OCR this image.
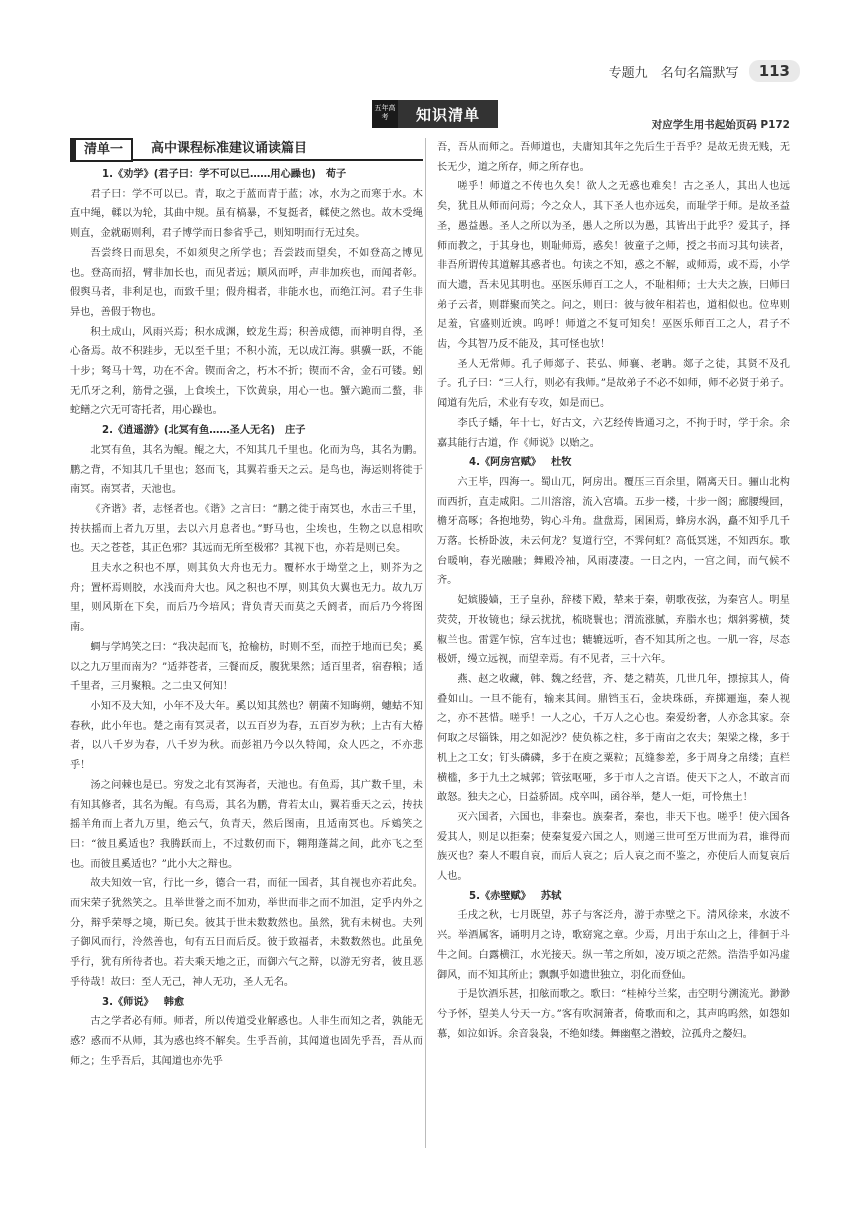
专题九　名句名篇默写	113
五年高考	知识清单
对应学生用书起始页码 P172
清单一	高中课程标准建议诵读篇目
1.《劝学》(君子曰：学不可以已……用心躁也) 荀子

君子曰：学不可以已。青，取之于蓝而青于蓝；冰，水为之而寒于水。木直中绳，輮以为轮，其曲中规。虽有槁暴，不复挺者，輮使之然也。故木受绳则直，金就砺则利，君子博学而日参省乎己，则知明而行无过矣。

吾尝终日而思矣，不如须臾之所学也；吾尝跂而望矣，不如登高之博见也。登高而招，臂非加长也，而见者远；顺风而呼，声非加疾也，而闻者彰。假舆马者，非利足也，而致千里；假舟楫者，非能水也，而绝江河。君子生非异也，善假于物也。

积土成山，风雨兴焉；积水成渊，蛟龙生焉；积善成德，而神明自得，圣心备焉。故不积跬步，无以至千里；不积小流，无以成江海。骐骥一跃，不能十步；驽马十驾，功在不舍。锲而舍之，朽木不折；锲而不舍，金石可镂。蚓无爪牙之利，筋骨之强，上食埃土，下饮黄泉，用心一也。蟹六跪而二螯，非蛇鳝之穴无可寄托者，用心躁也。

2.《逍遥游》(北冥有鱼……圣人无名) 庄子

北冥有鱼，其名为鲲。鲲之大，不知其几千里也。化而为鸟，其名为鹏。鹏之背，不知其几千里也；怒而飞，其翼若垂天之云。是鸟也，海运则将徙于南冥。南冥者，天池也。

《齐谐》者，志怪者也。《谐》之言曰：“鹏之徙于南冥也，水击三千里，抟扶摇而上者九万里，去以六月息者也。”野马也，尘埃也，生物之以息相吹也。天之苍苍，其正色邪？其远而无所至极邪？其视下也，亦若是则已矣。

且夫水之积也不厚，则其负大舟也无力。覆杯水于坳堂之上，则芥为之舟；置杯焉则胶，水浅而舟大也。风之积也不厚，则其负大翼也无力。故九万里，则风斯在下矣，而后乃今培风；背负青天而莫之夭阏者，而后乃今将图南。

蜩与学鸠笑之曰：“我决起而飞，抢榆枋，时则不至，而控于地而已矣；奚以之九万里而南为？”适莽苍者，三餐而反，腹犹果然；适百里者，宿舂粮；适千里者，三月聚粮。之二虫又何知！

小知不及大知，小年不及大年。奚以知其然也？朝菌不知晦朔，蟪蛄不知春秋，此小年也。楚之南有冥灵者，以五百岁为春，五百岁为秋；上古有大椿者，以八千岁为春，八千岁为秋。而彭祖乃今以久特闻，众人匹之，不亦悲乎！

汤之问棘也是已。穷发之北有冥海者，天池也。有鱼焉，其广数千里，未有知其修者，其名为鲲。有鸟焉，其名为鹏，背若太山，翼若垂天之云，抟扶摇羊角而上者九万里，绝云气，负青天，然后图南，且适南冥也。斥鴳笑之曰：“彼且奚适也？我腾跃而上，不过数仞而下，翱翔蓬蒿之间，此亦飞之至也。而彼且奚适也？”此小大之辩也。

故夫知效一官，行比一乡，德合一君，而征一国者，其自视也亦若此矣。而宋荣子犹然笑之。且举世誉之而不加劝，举世而非之而不加沮，定乎内外之分，辩乎荣辱之境，斯已矣。彼其于世未数数然也。虽然，犹有未树也。夫列子御风而行，泠然善也，旬有五日而后反。彼于致福者，未数数然也。此虽免乎行，犹有所待者也。若夫乘天地之正，而御六气之辩，以游无穷者，彼且恶乎待哉！故曰：至人无己，神人无功，圣人无名。

3.《师说》 韩愈

古之学者必有师。师者，所以传道受业解惑也。人非生而知之者，孰能无惑？惑而不从师，其为惑也终不解矣。生乎吾前，其闻道也固先乎吾，吾从而师之；生乎吾后，其闻道也亦先乎

吾，吾从而师之。吾师道也，夫庸知其年之先后生于吾乎？是故无贵无贱，无长无少，道之所存，师之所存也。

嗟乎！师道之不传也久矣！欲人之无惑也难矣！古之圣人，其出人也远矣，犹且从师而问焉；今之众人，其下圣人也亦远矣，而耻学于师。是故圣益圣，愚益愚。圣人之所以为圣，愚人之所以为愚，其皆出于此乎？爱其子，择师而教之，于其身也，则耻师焉，惑矣！彼童子之师，授之书而习其句读者，非吾所谓传其道解其惑者也。句读之不知，惑之不解，或师焉，或不焉，小学而大遗，吾未见其明也。巫医乐师百工之人，不耻相师；士大夫之族，曰师曰弟子云者，则群聚而笑之。问之，则曰：彼与彼年相若也，道相似也。位卑则足羞，官盛则近谀。呜呼！师道之不复可知矣！巫医乐师百工之人，君子不齿，今其智乃反不能及，其可怪也欤！

圣人无常师。孔子师郯子、苌弘、师襄、老聃。郯子之徒，其贤不及孔子。孔子曰：“三人行，则必有我师。”是故弟子不必不如师，师不必贤于弟子。闻道有先后，术业有专攻，如是而已。

李氏子蟠，年十七，好古文，六艺经传皆通习之，不拘于时，学于余。余嘉其能行古道，作《师说》以贻之。

4.《阿房宫赋》 杜牧

六王毕，四海一。蜀山兀，阿房出。覆压三百余里，隔离天日。骊山北构而西折，直走咸阳。二川溶溶，流入宫墙。五步一楼，十步一阁；廊腰缦回，檐牙高啄；各抱地势，钩心斗角。盘盘焉，囷囷焉，蜂房水涡，矗不知乎几千万落。长桥卧波，未云何龙？复道行空，不霁何虹？高低冥迷，不知西东。歌台暖响，春光融融；舞殿冷袖，风雨凄凄。一日之内，一宫之间，而气候不齐。

妃嫔媵嫱，王子皇孙，辞楼下殿，辇来于秦，朝歌夜弦，为秦宫人。明星荧荧，开妆镜也；绿云扰扰，梳晓鬟也；渭流涨腻，弃脂水也；烟斜雾横，焚椒兰也。雷霆乍惊，宫车过也；辘辘远听，杳不知其所之也。一肌一容，尽态极妍，缦立远视，而望幸焉。有不见者，三十六年。

燕、赵之收藏，韩、魏之经营，齐、楚之精英，几世几年，摽掠其人，倚叠如山。一旦不能有，输来其间。鼎铛玉石，金块珠砾，弃掷逦迤，秦人视之，亦不甚惜。嗟乎！一人之心，千万人之心也。秦爱纷奢，人亦念其家。奈何取之尽锱铢，用之如泥沙？使负栋之柱，多于南亩之农夫；架梁之椽，多于机上之工女；钉头磷磷，多于在庾之粟粒；瓦缝参差，多于周身之帛缕；直栏横槛，多于九土之城郭；管弦呕哑，多于市人之言语。使天下之人，不敢言而敢怒。独夫之心，日益骄固。戍卒叫，函谷举，楚人一炬，可怜焦土！

灭六国者，六国也，非秦也。族秦者，秦也，非天下也。嗟乎！使六国各爱其人，则足以拒秦；使秦复爱六国之人，则递三世可至万世而为君，谁得而族灭也？秦人不暇自哀，而后人哀之；后人哀之而不鉴之，亦使后人而复哀后人也。

5.《赤壁赋》 苏轼

壬戌之秋，七月既望，苏子与客泛舟，游于赤壁之下。清风徐来，水波不兴。举酒属客，诵明月之诗，歌窈窕之章。少焉，月出于东山之上，徘徊于斗牛之间。白露横江，水光接天。纵一苇之所如，凌万顷之茫然。浩浩乎如冯虚御风，而不知其所止；飘飘乎如遗世独立，羽化而登仙。

于是饮酒乐甚，扣舷而歌之。歌曰：“桂棹兮兰桨，击空明兮溯流光。渺渺兮予怀，望美人兮天一方。”客有吹洞箫者，倚歌而和之，其声呜呜然，如怨如慕，如泣如诉。余音袅袅，不绝如缕。舞幽壑之潜蛟，泣孤舟之嫠妇。
